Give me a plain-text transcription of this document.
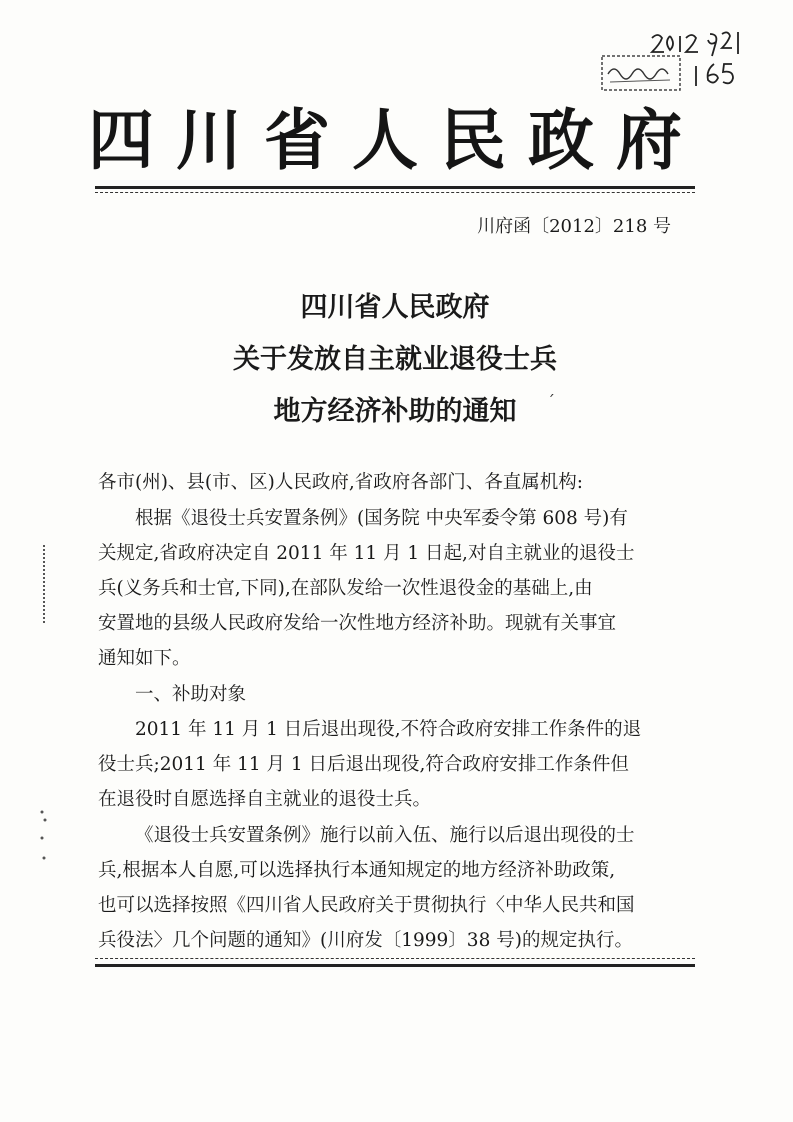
四川省人民政府
川府函〔2012〕218 号
四川省人民政府
关于发放自主就业退役士兵
地方经济补助的通知	ˊ
各市(州)、县(市、区)人民政府,省政府各部门、各直属机构:
根据《退役士兵安置条例》(国务院 中央军委令第 608 号)有
关规定,省政府决定自 2011 年 11 月 1 日起,对自主就业的退役士
兵(义务兵和士官,下同),在部队发给一次性退役金的基础上,由
安置地的县级人民政府发给一次性地方经济补助。现就有关事宜
通知如下。
一、补助对象
2011 年 11 月 1 日后退出现役,不符合政府安排工作条件的退
役士兵;2011 年 11 月 1 日后退出现役,符合政府安排工作条件但
在退役时自愿选择自主就业的退役士兵。
《退役士兵安置条例》施行以前入伍、施行以后退出现役的士
兵,根据本人自愿,可以选择执行本通知规定的地方经济补助政策,
也可以选择按照《四川省人民政府关于贯彻执行〈中华人民共和国
兵役法〉几个问题的通知》(川府发〔1999〕38 号)的规定执行。
